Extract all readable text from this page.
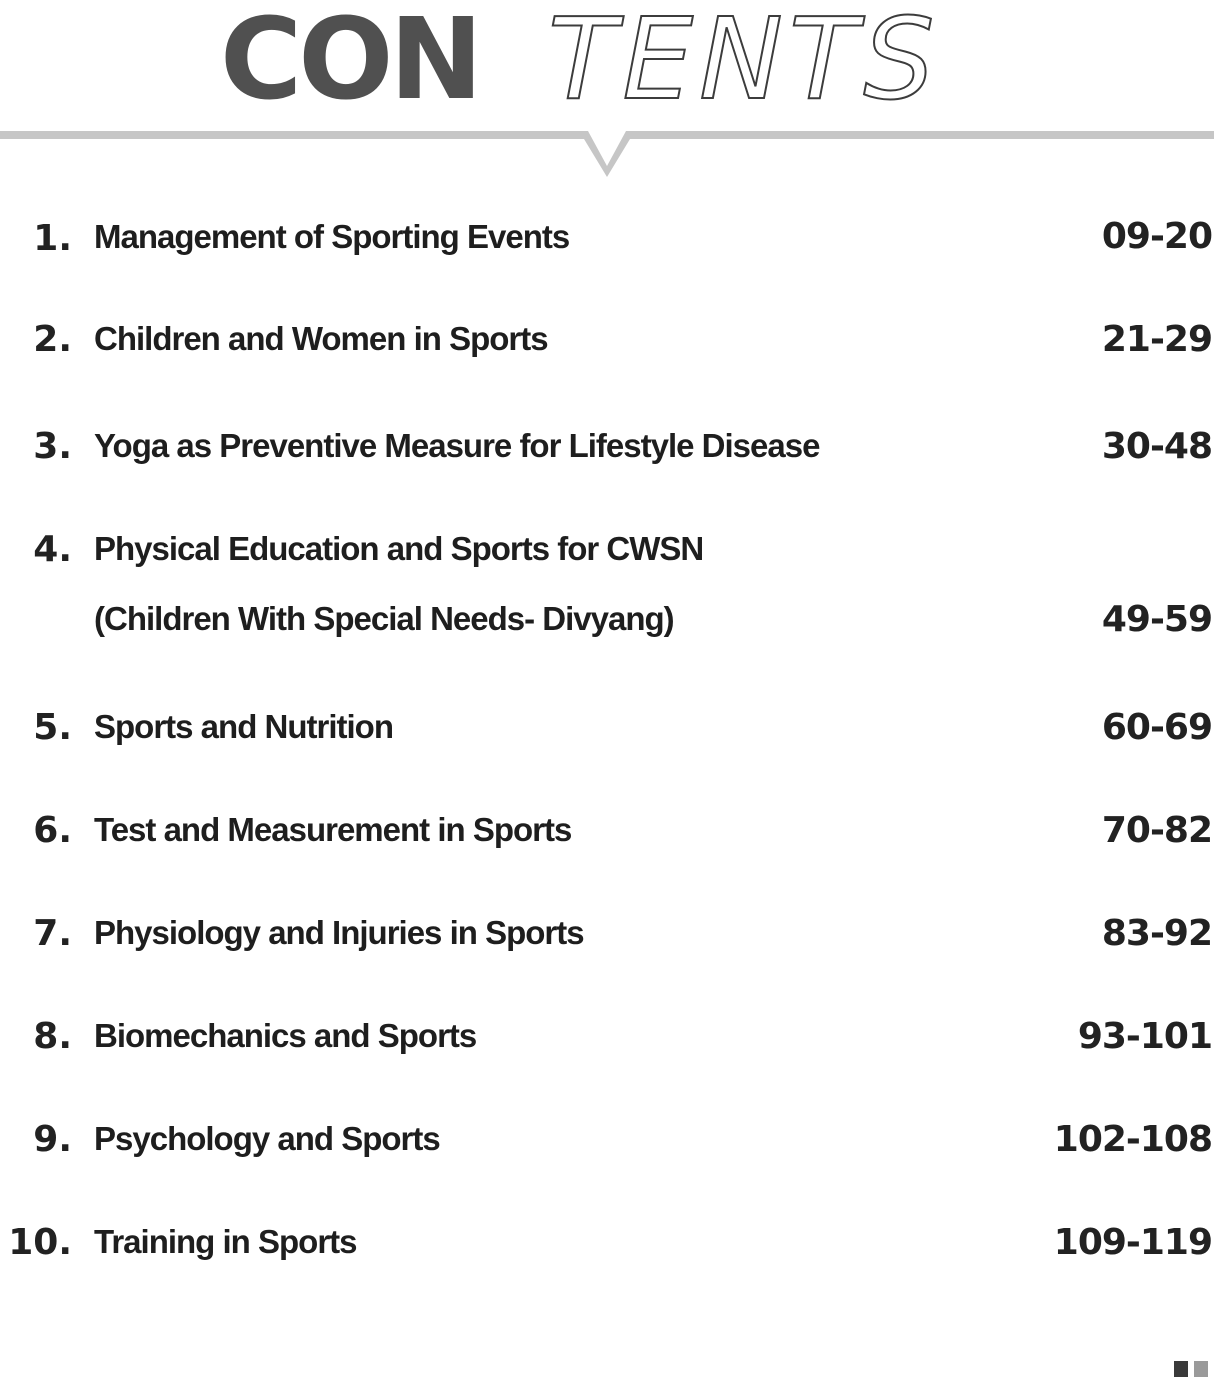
CON TENTS
1. Management of Sporting Events	09-20
2. Children and Women in Sports	21-29
3. Yoga as Preventive Measure for Lifestyle Disease	30-48
4. Physical Education and Sports for CWSN
(Children With Special Needs- Divyang)	49-59
5. Sports and Nutrition	60-69
6. Test and Measurement in Sports	70-82
7. Physiology and Injuries in Sports	83-92
8. Biomechanics and Sports	93-101
9. Psychology and Sports	102-108
10. Training in Sports	109-119
